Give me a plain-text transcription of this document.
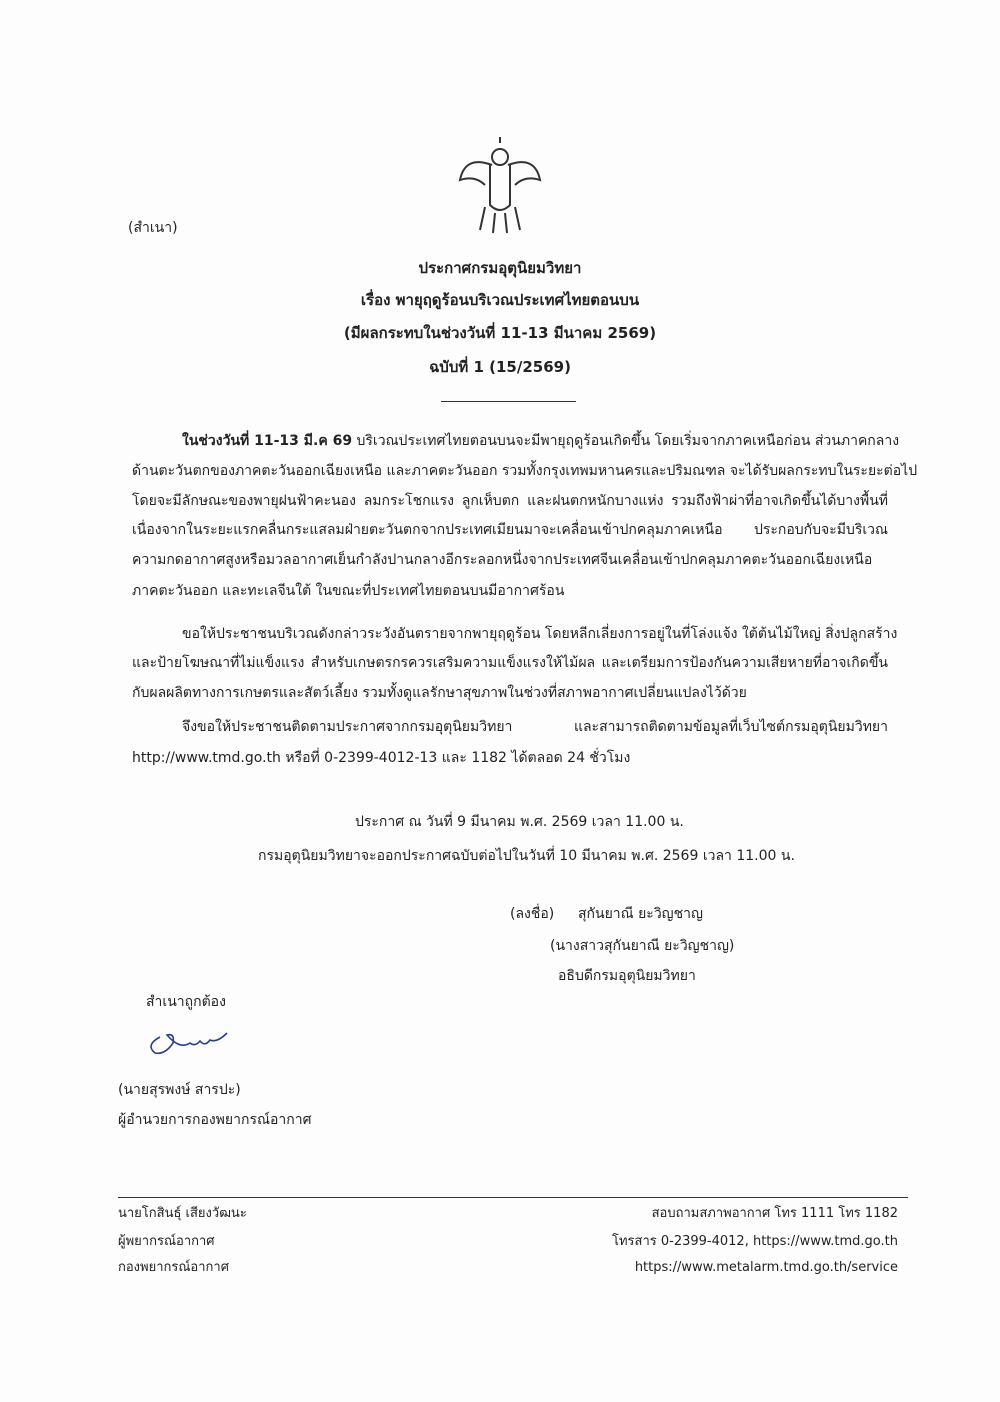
(สำเนา)
ประกาศกรมอุตุนิยมวิทยา
เรื่อง พายุฤดูร้อนบริเวณประเทศไทยตอนบน
(มีผลกระทบในช่วงวันที่ 11-13 มีนาคม 2569)
ฉบับที่ 1 (15/2569)
ในช่วงวันที่ 11-13 มี.ค 69 บริเวณประเทศไทยตอนบนจะมีพายุฤดูร้อนเกิดขึ้น โดยเริ่มจากภาคเหนือก่อน ส่วนภาคกลาง
ด้านตะวันตกของภาคตะวันออกเฉียงเหนือ และภาคตะวันออก รวมทั้งกรุงเทพมหานครและปริมณฑล จะได้รับผลกระทบในระยะต่อไป
โดยจะมีลักษณะของพายุฝนฟ้าคะนอง ลมกระโชกแรง ลูกเห็บตก และฝนตกหนักบางแห่ง รวมถึงฟ้าผ่าที่อาจเกิดขึ้นได้บางพื้นที่
เนื่องจากในระยะแรกคลื่นกระแสลมฝ่ายตะวันตกจากประเทศเมียนมาจะเคลื่อนเข้าปกคลุมภาคเหนือ ประกอบกับจะมีบริเวณ
ความกดอากาศสูงหรือมวลอากาศเย็นกำลังปานกลางอีกระลอกหนึ่งจากประเทศจีนเคลื่อนเข้าปกคลุมภาคตะวันออกเฉียงเหนือ
ภาคตะวันออก และทะเลจีนใต้ ในขณะที่ประเทศไทยตอนบนมีอากาศร้อน
ขอให้ประชาชนบริเวณดังกล่าวระวังอันตรายจากพายุฤดูร้อน โดยหลีกเลี่ยงการอยู่ในที่โล่งแจ้ง ใต้ต้นไม้ใหญ่ สิ่งปลูกสร้าง
และป้ายโฆษณาที่ไม่แข็งแรง สำหรับเกษตรกรควรเสริมความแข็งแรงให้ไม้ผล และเตรียมการป้องกันความเสียหายที่อาจเกิดขึ้น
กับผลผลิตทางการเกษตรและสัตว์เลี้ยง รวมทั้งดูแลรักษาสุขภาพในช่วงที่สภาพอากาศเปลี่ยนแปลงไว้ด้วย
จึงขอให้ประชาชนติดตามประกาศจากกรมอุตุนิยมวิทยา และสามารถติดตามข้อมูลที่เว็บไซต์กรมอุตุนิยมวิทยา
http://www.tmd.go.th หรือที่ 0-2399-4012-13 และ 1182 ได้ตลอด 24 ชั่วโมง
ประกาศ ณ วันที่ 9 มีนาคม พ.ศ. 2569 เวลา 11.00 น.
กรมอุตุนิยมวิทยาจะออกประกาศฉบับต่อไปในวันที่ 10 มีนาคม พ.ศ. 2569 เวลา 11.00 น.
(ลงชื่อ) สุกันยาณี ยะวิญชาญ
(นางสาวสุกันยาณี ยะวิญชาญ)
อธิบดีกรมอุตุนิยมวิทยา
สำเนาถูกต้อง
(นายสุรพงษ์ สารปะ)
ผู้อำนวยการกองพยากรณ์อากาศ
นายโกสินธุ์ เสียงวัฒนะ
ผู้พยากรณ์อากาศ
กองพยากรณ์อากาศ
สอบถามสภาพอากาศ โทร 1111 โทร 1182
โทรสาร 0-2399-4012, https://www.tmd.go.th
https://www.metalarm.tmd.go.th/service
